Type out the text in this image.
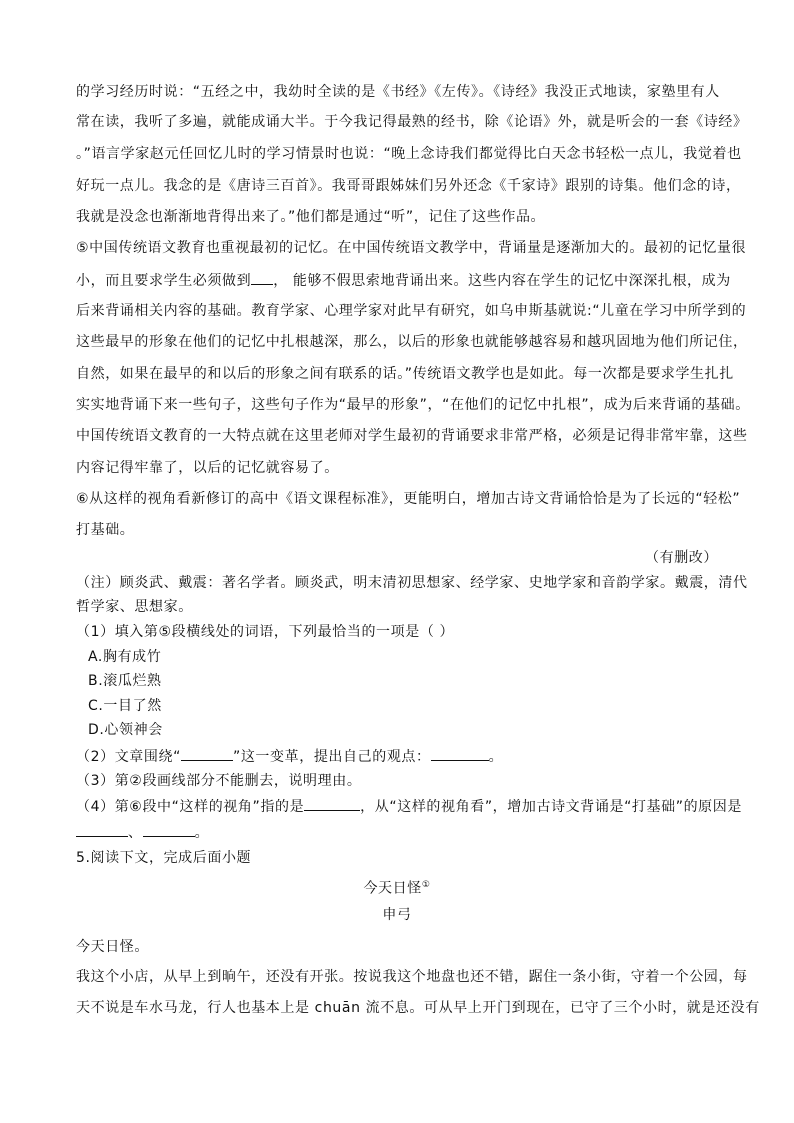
的学习经历时说：“五经之中，我幼时全读的是《书经》《左传》。《诗经》我没正式地读，家塾里有人
常在读，我听了多遍，就能成诵大半。于今我记得最熟的经书，除《论语》外，就是听会的一套《诗经》
。”语言学家赵元任回忆儿时的学习情景时也说：“晚上念诗我们都觉得比白天念书轻松一点儿，我觉着也
好玩一点儿。我念的是《唐诗三百首》。我哥哥跟姊妹们另外还念《千家诗》跟别的诗集。他们念的诗，
我就是没念也渐渐地背得出来了。”他们都是通过“听”，记住了这些作品。
⑤中国传统语文教育也重视最初的记忆。在中国传统语文教学中，背诵量是逐渐加大的。最初的记忆量很
小，而且要求学生必须做到 ， 能够不假思索地背诵出来。这些内容在学生的记忆中深深扎根，成为
后来背诵相关内容的基础。教育学家、心理学家对此早有研究，如乌申斯基就说:“儿童在学习中所学到的
这些最早的形象在他们的记忆中扎根越深，那么，以后的形象也就能够越容易和越巩固地为他们所记住，
自然，如果在最早的和以后的形象之间有联系的话。”传统语文教学也是如此。每一次都是要求学生扎扎
实实地背诵下来一些句子，这些句子作为“最早的形象”，“在他们的记忆中扎根”，成为后来背诵的基础。
中国传统语文教育的一大特点就在这里老师对学生最初的背诵要求非常严格，必须是记得非常牢靠，这些
内容记得牢靠了，以后的记忆就容易了。
⑥从这样的视角看新修订的高中《语文课程标准》，更能明白，增加古诗文背诵恰恰是为了长远的“轻松”
打基础。
（有删改）
（注）顾炎武、戴震：著名学者。顾炎武，明末清初思想家、经学家、史地学家和音韵学家。戴震，清代
哲学家、思想家。
（1）填入第⑤段横线处的词语，下列最恰当的一项是（ ）
A.胸有成竹
B.滚瓜烂熟
C.一目了然
D.心领神会
（2）文章围绕“	”这一变革，提出自己的观点：	。
（3）第②段画线部分不能删去，说明理由。
（4）第⑥段中“这样的视角”指的是	，从“这样的视角看”，增加古诗文背诵是“打基础”的原因是
、	。
5.阅读下文，完成后面小题
今天日怪①
申弓
今天日怪。
我这个小店，从早上到晌午，还没有开张。按说我这个地盘也还不错，踞住一条小街，守着一个公园，每
天不说是车水马龙，行人也基本上是 chuān 流不息。可从早上开门到现在，已守了三个小时，就是还没有
